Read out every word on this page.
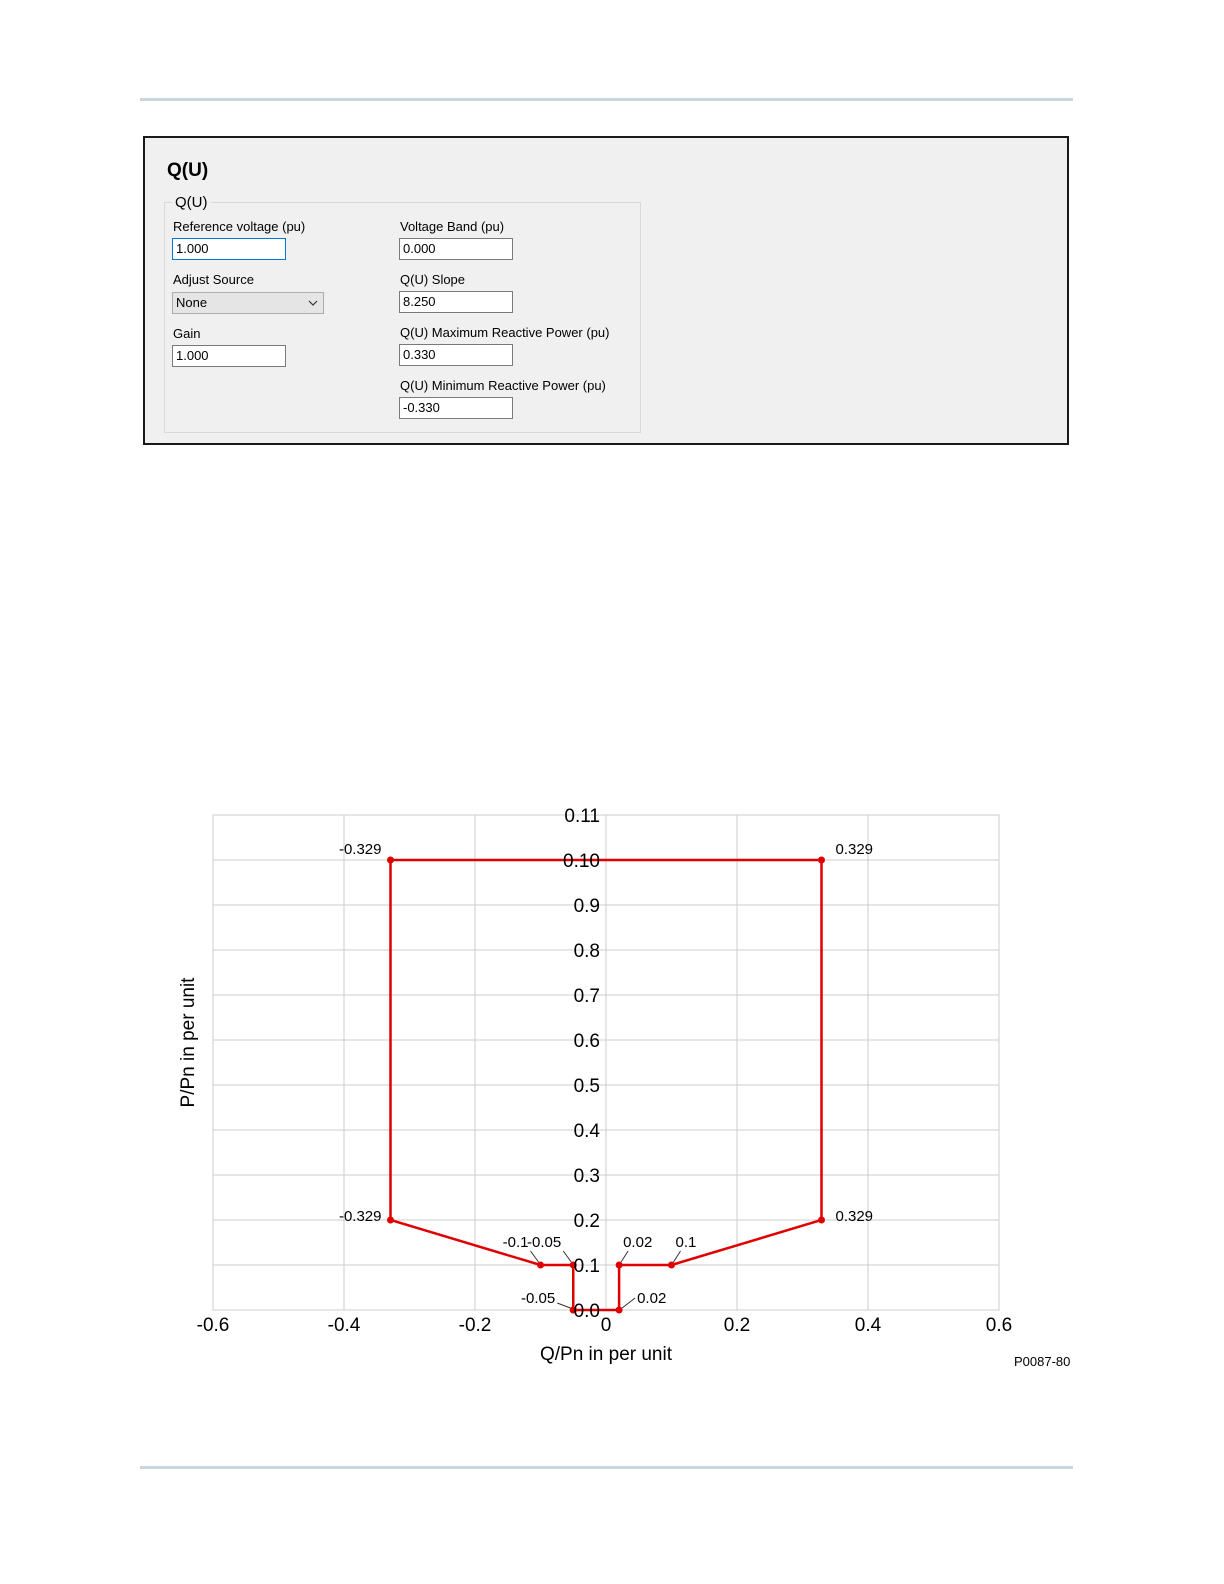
Q(U)
Q(U)
Reference voltage (pu)
1.000
Adjust Source
None
Gain
1.000
Voltage Band (pu)
0.000
Q(U) Slope
8.250
Q(U) Maximum Reactive Power (pu)
0.330
Q(U) Minimum Reactive Power (pu)
-0.330
-0.6	-0.4	-0.2	0	0.2	0.4	0.6
0.0
0.1
0.2
0.3
0.4
0.5
0.6
0.7
0.8
0.9
0.10
0.11
Q/Pn in per unit
P/Pn in per unit
-0.329	0.329
-0.329	0.329
-0.1
-0.05	0.02 0.1
-0.05	0.02
P0087-80
